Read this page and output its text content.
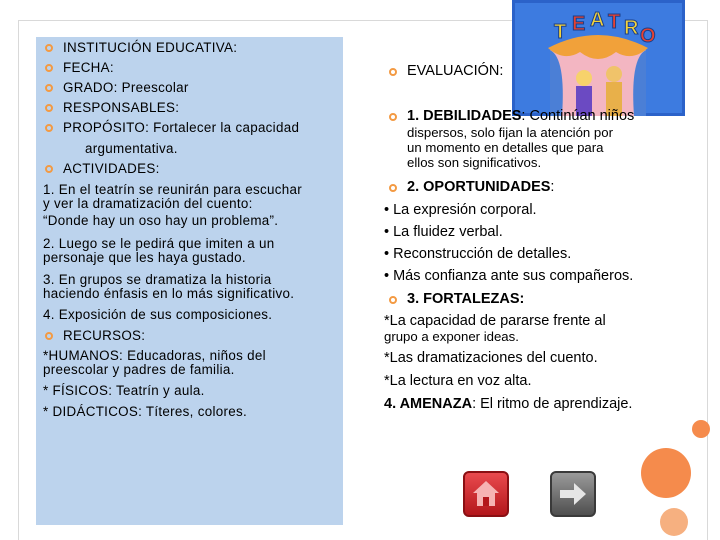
INSTITUCIÓN EDUCATIVA:
FECHA:
GRADO: Preescolar
RESPONSABLES:
PROPÓSITO: Fortalecer la capacidad
argumentativa.
ACTIVIDADES:
1. En el teatrín se reunirán para escuchar
y ver la dramatización del cuento:
“Donde hay un oso hay un problema”.
2. Luego se le pedirá que imiten a un
personaje que les haya gustado.
3. En grupos se dramatiza la historia
haciendo énfasis en lo más significativo.
4. Exposición de sus composiciones.
RECURSOS:
*HUMANOS: Educadoras, niños del
preescolar y padres de familia.
* FÍSICOS: Teatrín y aula.
* DIDÁCTICOS: Títeres, colores.
T E A T R O
EVALUACIÓN:
1. DEBILIDADES: Continúan niños
dispersos, solo fijan la atención por
un momento en detalles que para
ellos son significativos.
2. OPORTUNIDADES:
• La expresión corporal.
• La fluidez verbal.
• Reconstrucción de detalles.
• Más confianza ante sus compañeros.
3. FORTALEZAS:
*La capacidad de pararse frente al
grupo a exponer ideas.
*Las dramatizaciones del cuento.
*La lectura en voz alta.
4. AMENAZA: El ritmo de aprendizaje.
